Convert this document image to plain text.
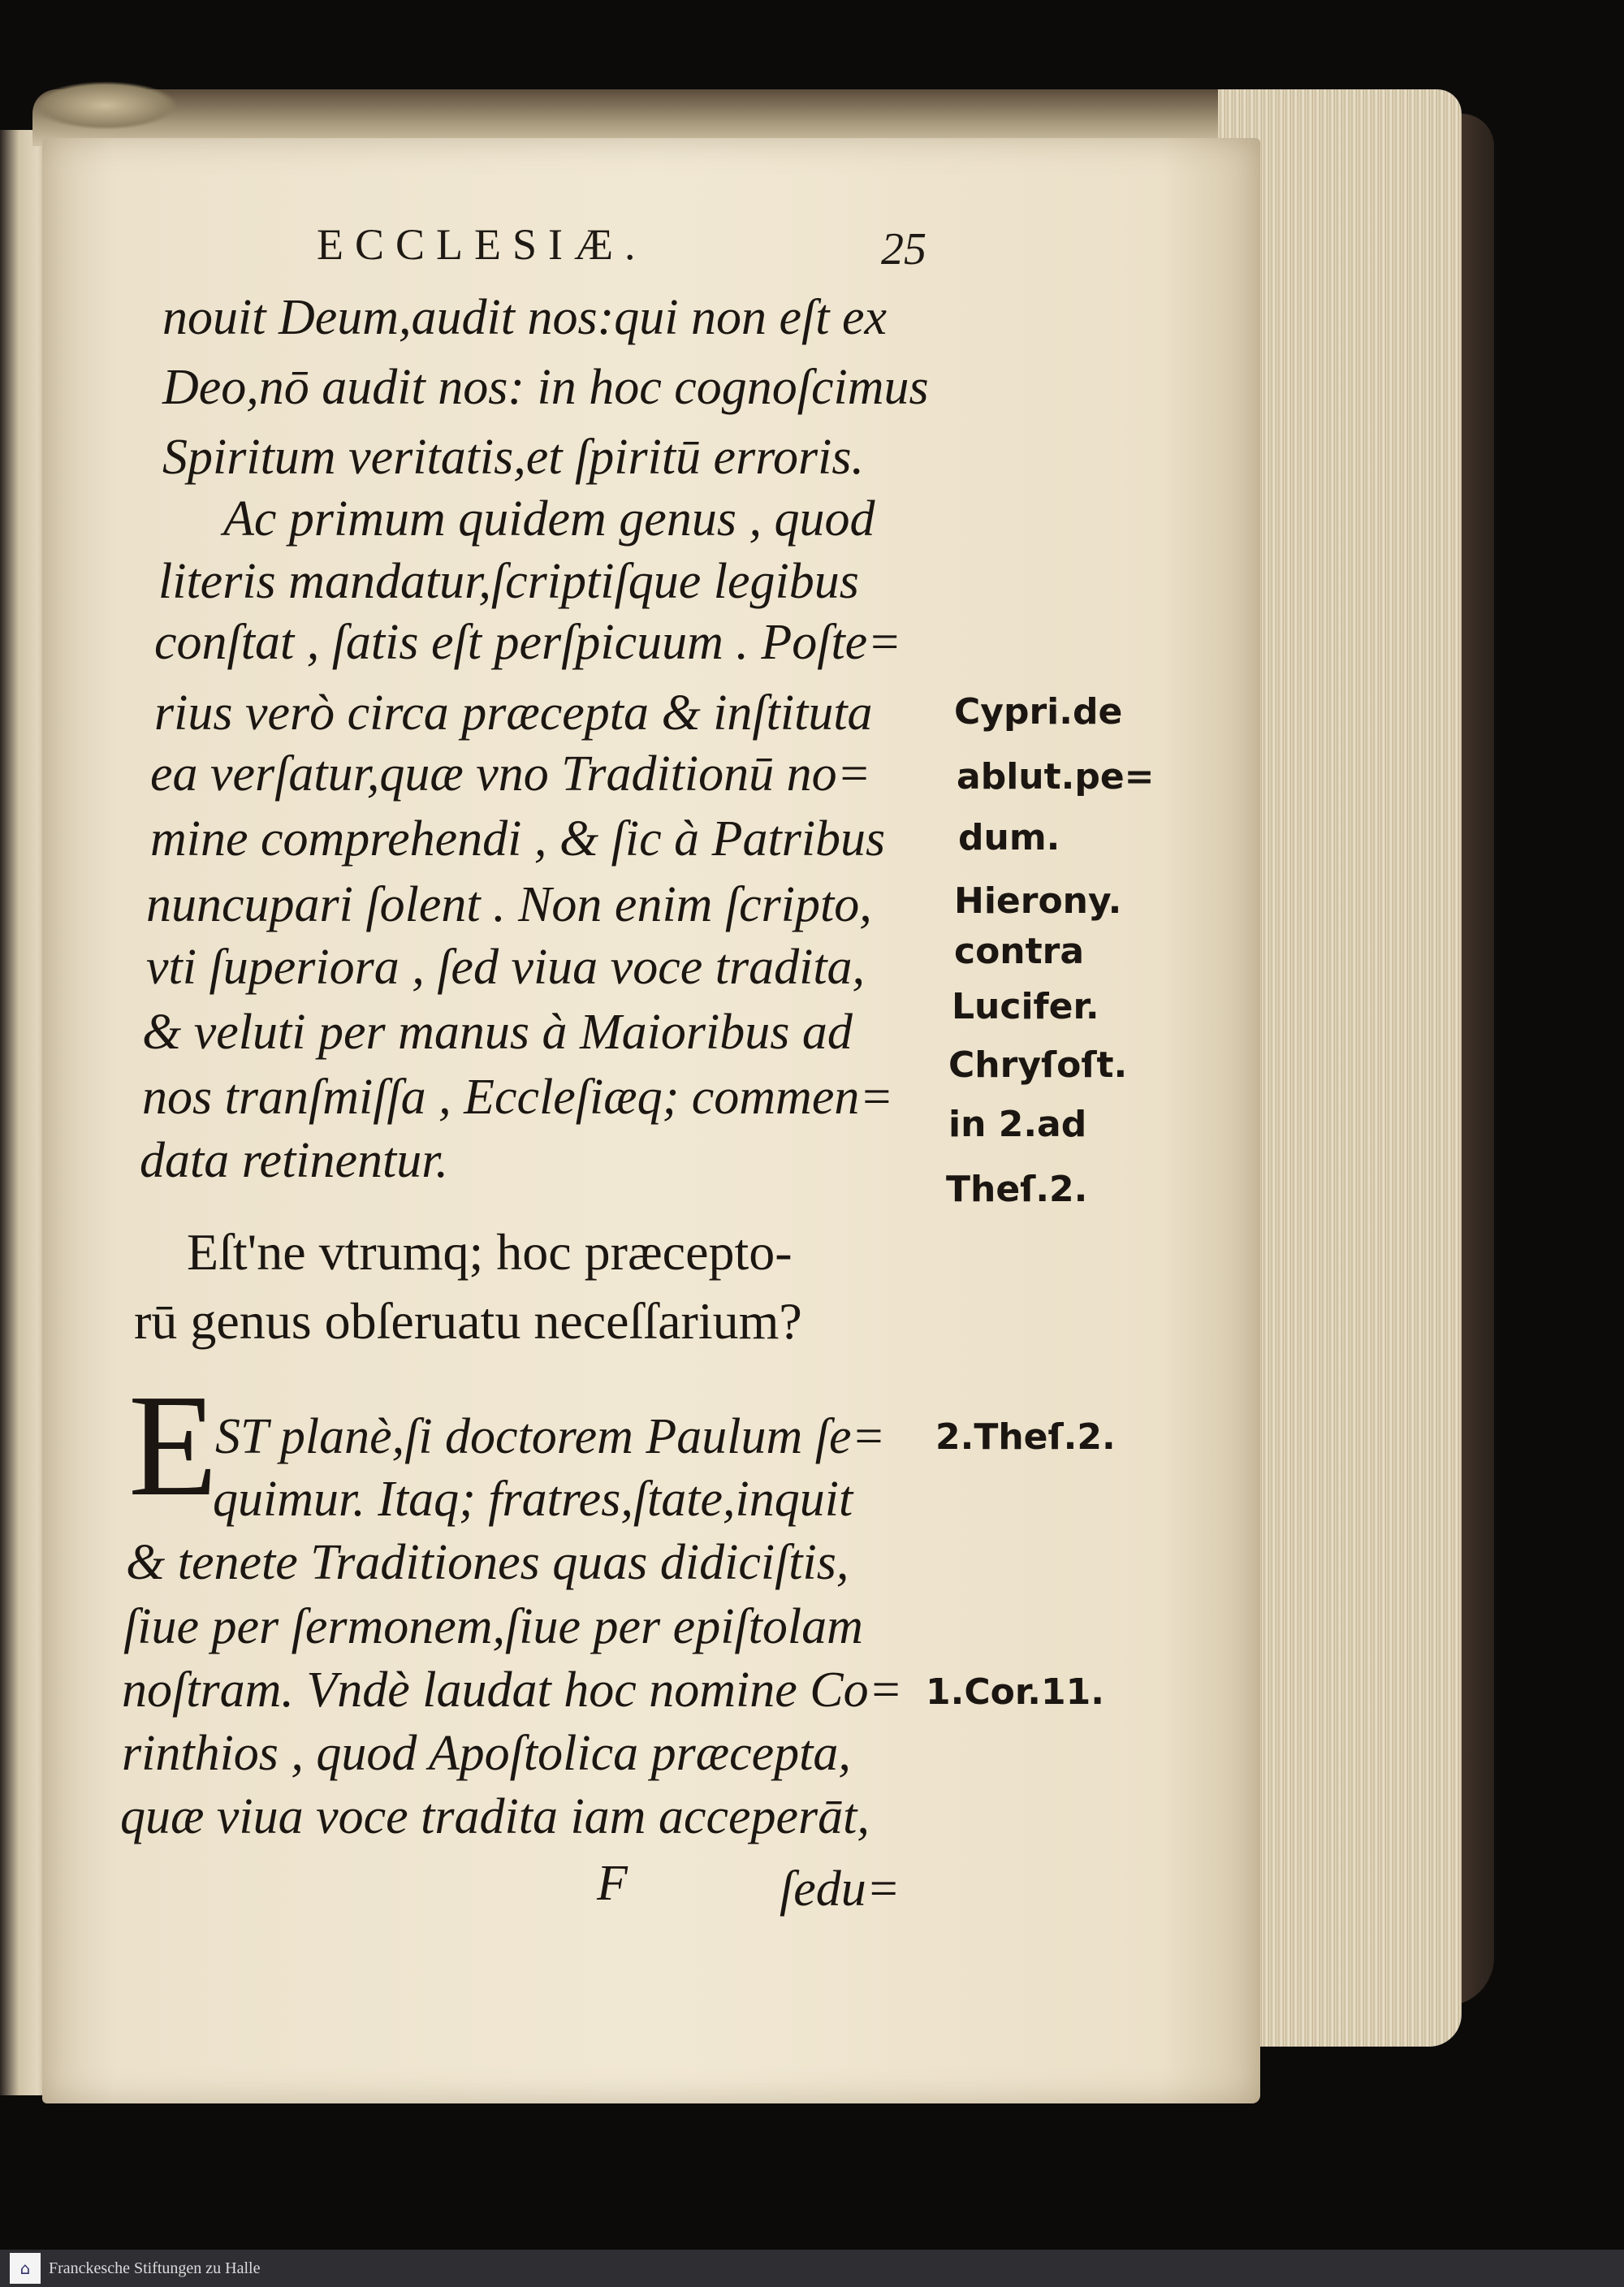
ECCLESIÆ.	25
nouit Deum,audit nos:qui non eſt ex
Deo,nō audit nos: in hoc cognoſcimus
Spiritum veritatis,et ſpiritū erroris.
Ac primum quidem genus , quod
literis mandatur,ſcriptiſque legibus
conſtat , ſatis eſt perſpicuum . Poſte=
rius verò circa præcepta & inſtituta
ea verſatur,quæ vno Traditionū no=
mine comprehendi , & ſic à Patribus
nuncupari ſolent . Non enim ſcripto,
vti ſuperiora , ſed viua voce tradita,
& veluti per manus à Maioribus ad
nos tranſmiſſa , Eccleſiæq; commen=
data retinentur.
Eſt'ne vtrumq; hoc præcepto-
rū genus obſeruatu neceſſarium?
E
ST planè,ſi doctorem Paulum ſe=
quimur. Itaq; fratres,ſtate,inquit
& tenete Traditiones quas didiciſtis,
ſiue per ſermonem,ſiue per epiſtolam
noſtram. Vndè laudat hoc nomine Co=
rinthios , quod Apoſtolica præcepta,
quæ viua voce tradita iam acceperāt,
F	ſedu=
Cypri.de
ablut.pe=
dum.
Hierony.
contra
Lucifer.
Chryſoſt.
in 2.ad
Theſ.2.
2.Theſ.2.
1.Cor.11.
⌂ Franckesche Stiftungen zu Halle
